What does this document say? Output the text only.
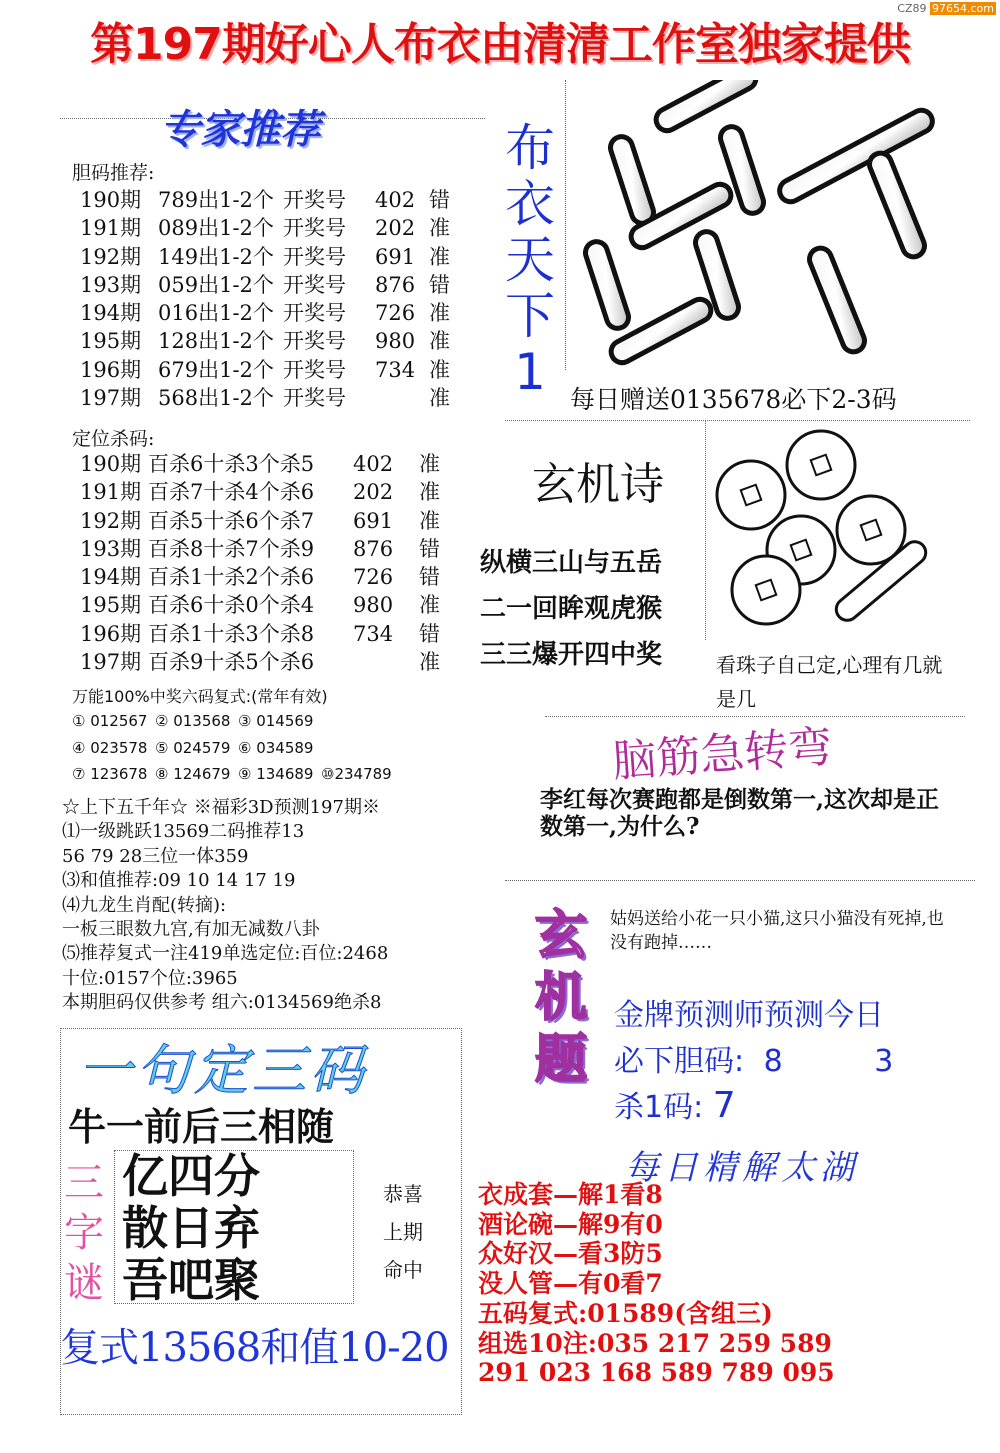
CZ89 97654.com
第197期好心人布衣由清清工作室独家提供
专家推荐
胆码推荐:
190期 789出1-2个 开奖号 402 错
191期 089出1-2个 开奖号 202 准
192期 149出1-2个 开奖号 691 准
193期 059出1-2个 开奖号 876 错
194期 016出1-2个 开奖号 726 准
195期 128出1-2个 开奖号 980 准
196期 679出1-2个 开奖号 734 准
197期 568出1-2个 开奖号	准
定位杀码:
190期 百杀6十杀3个杀5 402 准
191期 百杀7十杀4个杀6 202 准
192期 百杀5十杀6个杀7 691 准
193期 百杀8十杀7个杀9 876 错
194期 百杀1十杀2个杀6 726 错
195期 百杀6十杀0个杀4 980 准
196期 百杀1十杀3个杀8 734 错
197期 百杀9十杀5个杀6	准
万能100%中奖六码复式:(常年有效)
① 012567 ② 013568 ③ 014569
④ 023578 ⑤ 024579 ⑥ 034589
⑦ 123678 ⑧ 124679 ⑨ 134689 ⑩234789
☆上下五千年☆ ※福彩3D预测197期※
⑴一级跳跃13569二码推荐13
56 79 28三位一体359
⑶和值推荐:09 10 14 17 19
⑷九龙生肖配(转摘):
一板三眼数九宫,有加无减数八卦
⑸推荐复式一注419单选定位:百位:2468
十位:0157个位:3965
本期胆码仅供参考 组六:0134569绝杀8
布
衣
天
下
1 每日赠送0135678必下2-3码
玄机诗
纵横三山与五岳
二一回眸观虎猴
三三爆开四中奖	看珠子自己定,心理有几就是几
脑筋急转弯
李红每次赛跑都是倒数第一,这次却是正数第一,为什么?
玄
机
题
姑妈送给小花一只小猫,这只小猫没有死掉,也没有跑掉……
金牌预测师预测今日
必下胆码: 8	3
杀1码: 7
一句定三码
牛一前后三相随
三
字
谜
亿四分
散日弃
吾吧聚
恭喜
上期
命中
复式13568和值10-20
每日精解太湖
衣成套—解1看8
酒论碗—解9有0
众好汉—看3防5
没人管—有0看7
五码复式:01589(含组三)
组选10注:035 217 259 589
291 023 168 589 789 095
